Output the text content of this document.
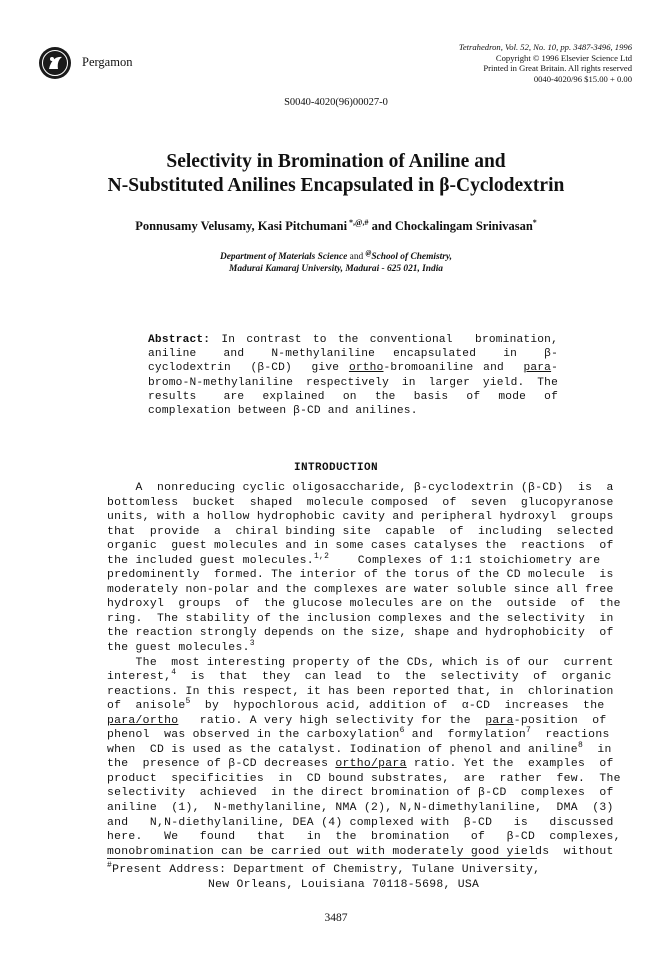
Pergamon
Tetrahedron, Vol. 52, No. 10, pp. 3487-3496, 1996
Copyright © 1996 Elsevier Science Ltd
Printed in Great Britain. All rights reserved
0040-4020/96 $15.00 + 0.00
S0040-4020(96)00027-0
Selectivity in Bromination of Aniline and
N-Substituted Anilines Encapsulated in β-Cyclodextrin
Ponnusamy Velusamy, Kasi Pitchumani *,@,# and Chockalingam Srinivasan*
Department of Materials Science and @School of Chemistry,
Madurai Kamaraj University, Madurai - 625 021, India
Abstract: In contrast to the conventional  bromination,
aniline   and   N-methylaniline  encapsulated   in   β-
cyclodextrin  (β-CD)  give ortho-bromoaniline and  para-
bromo-N-methylaniline respectively in larger yield. The
results   are  explained  on  the  basis  of  mode  of
complexation between β-CD and anilines.
INTRODUCTION
A  nonreducing cyclic oligosaccharide, β-cyclodextrin (β-CD)  is  a
bottomless  bucket  shaped  molecule composed  of  seven  glucopyranose
units, with a hollow hydrophobic cavity and peripheral hydroxyl  groups
that  provide  a  chiral binding site  capable  of  including  selected
organic  guest molecules and in some cases catalyses the  reactions  of
the included guest molecules.$^{1,2}$    Complexes of 1:1 stoichiometry are
predominently  formed. The interior of the torus of the CD molecule  is
moderately non-polar and the complexes are water soluble since all free
hydroxyl  groups  of  the glucose molecules are on the  outside  of  the
ring.  The stability of the inclusion complexes and the selectivity  in
the reaction strongly depends on the size, shape and hydrophobicity  of
the guest molecules.$^3$
The  most interesting property of the CDs, which is of our  current
interest,$^4$  is  that  they  can lead  to  the  selectivity  of  organic
reactions. In this respect, it has been reported that, in  chlorination
of  anisole$^5$  by  hypochlorous acid, addition of  α-CD  increases  the
para/ortho   ratio. A very high selectivity for the  para-position  of
phenol  was observed in the carboxylation$^6$ and  formylation$^7$  reactions
when  CD is used as the catalyst. Iodination of phenol and aniline$^8$  in
the  presence of β-CD decreases ortho/para ratio. Yet the  examples  of
product  specificities  in  CD bound substrates,  are  rather  few.  The
selectivity  achieved  in the direct bromination of β-CD  complexes  of
aniline  (1),  N-methylaniline, NMA (2), N,N-dimethylaniline,  DMA  (3)
and   N,N-diethylaniline, DEA (4) complexed with  β-CD   is   discussed
here.   We   found   that   in  the  bromination   of   β-CD  complexes,
monobromination can be carried out with moderately good yields  without
#Present Address: Department of Chemistry, Tulane University,
New Orleans, Louisiana 70118-5698, USA
3487
